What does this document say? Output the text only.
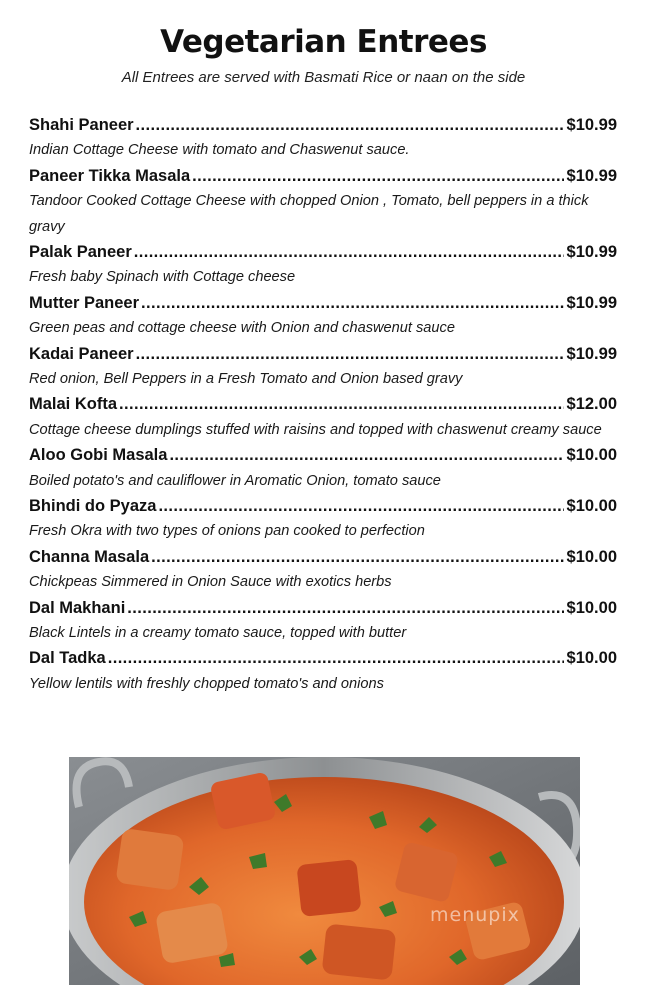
Vegetarian Entrees
All Entrees are served with Basmati Rice or naan on the side
Shahi Paneer .....	$10.99
Indian Cottage Cheese with tomato and Chaswenut sauce.
Paneer Tikka Masala .....	$10.99
Tandoor Cooked Cottage Cheese with chopped Onion , Tomato, bell peppers in a thick gravy
Palak Paneer .....	$10.99
Fresh baby Spinach with Cottage cheese
Mutter Paneer .....	$10.99
Green peas and cottage cheese with Onion and chaswenut sauce
Kadai Paneer .....	$10.99
Red onion, Bell Peppers in a Fresh Tomato and Onion based gravy
Malai Kofta .....	$12.00
Cottage cheese dumplings stuffed with raisins and topped with chaswenut creamy sauce
Aloo Gobi Masala .....	$10.00
Boiled potato's and cauliflower in Aromatic Onion, tomato sauce
Bhindi do Pyaza .....	$10.00
Fresh Okra with two types of onions pan cooked to perfection
Channa Masala .....	$10.00
Chickpeas Simmered in Onion Sauce with exotics herbs
Dal Makhani .....	$10.00
Black Lintels in a creamy tomato sauce, topped with butter
Dal Tadka .....	$10.00
Yellow lentils with freshly chopped tomato's and onions
menupix
